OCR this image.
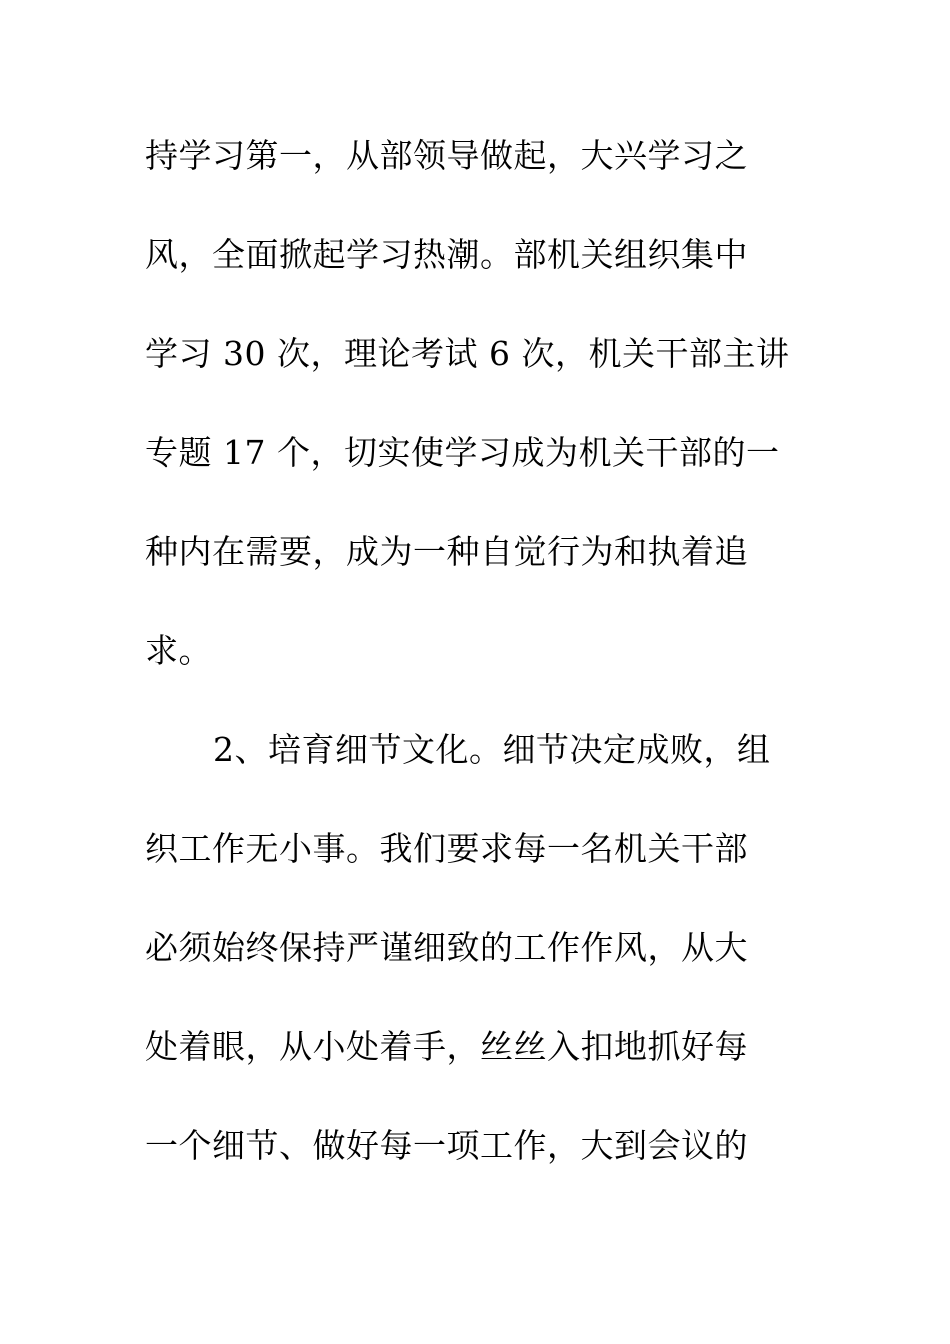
持学习第一，从部领导做起，大兴学习之
风，全面掀起学习热潮。部机关组织集中
学习 30 次，理论考试 6 次，机关干部主讲
专题 17 个，切实使学习成为机关干部的一
种内在需要，成为一种自觉行为和执着追
求。
2、培育细节文化。细节决定成败，组
织工作无小事。我们要求每一名机关干部
必须始终保持严谨细致的工作作风，从大
处着眼，从小处着手，丝丝入扣地抓好每
一个细节、做好每一项工作，大到会议的
